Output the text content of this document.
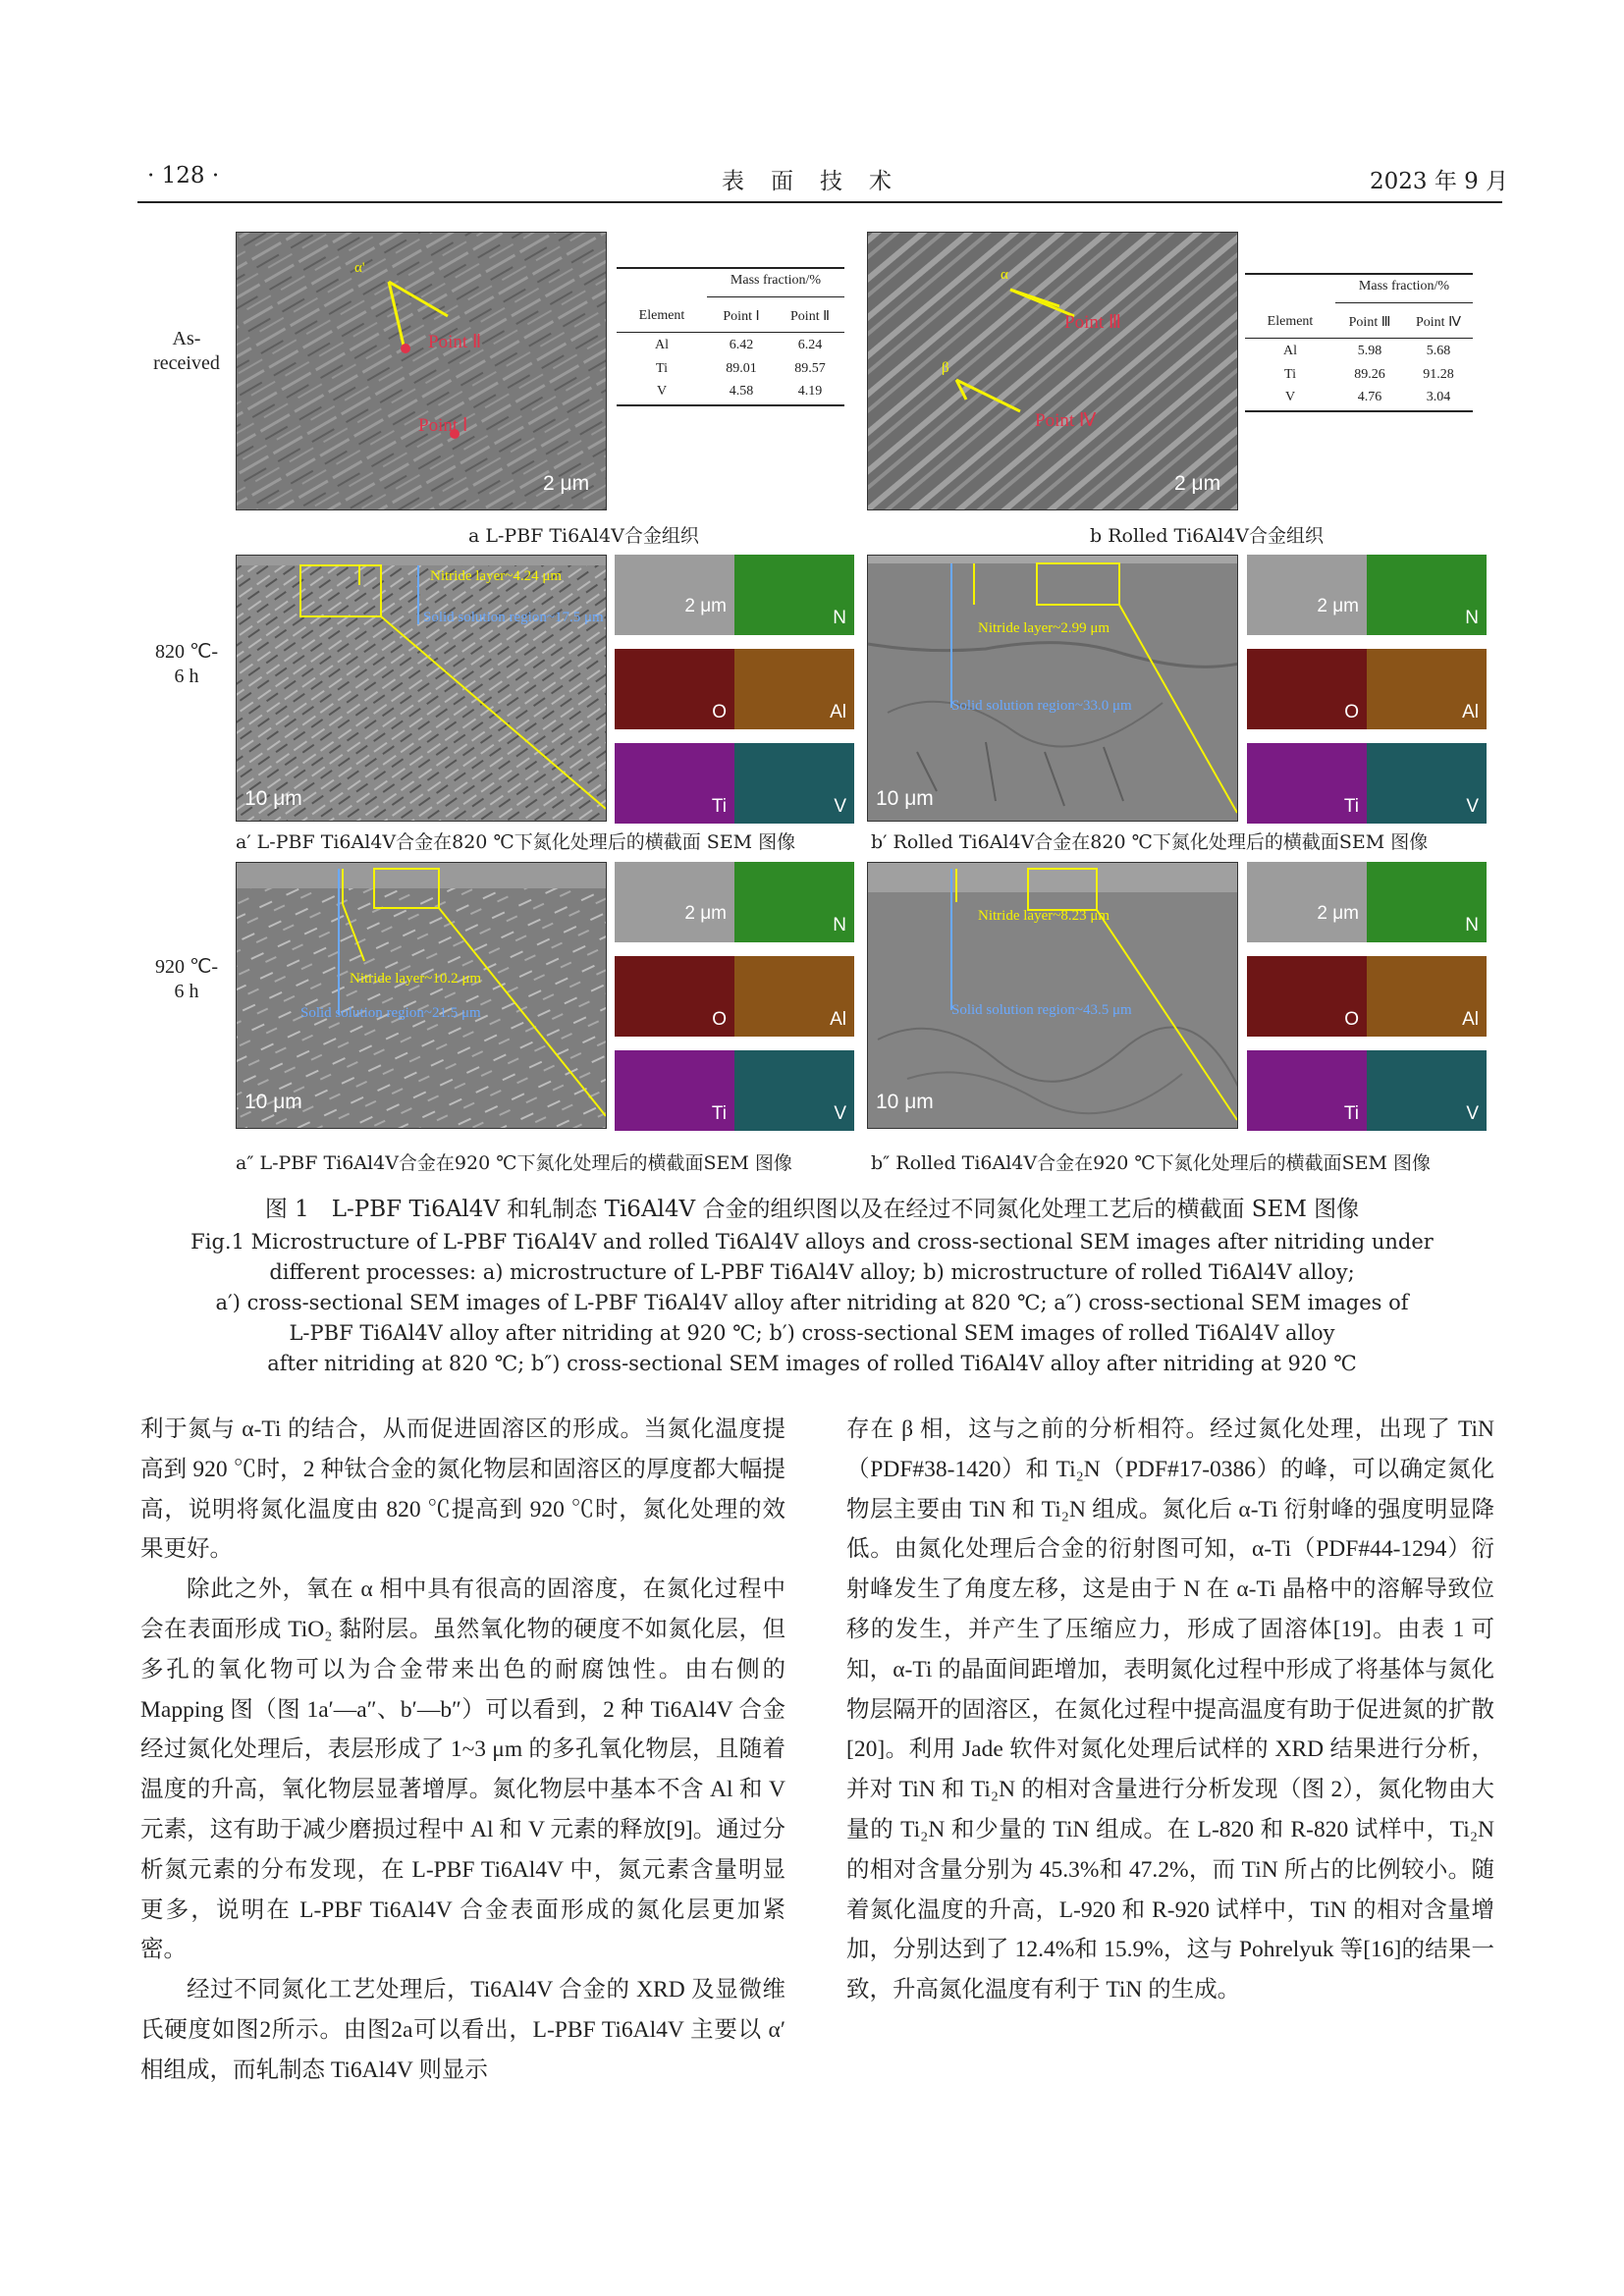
· 128 ·	表　面　技　术	2023 年 9 月
As-
received
820 ℃-
6 h
920 ℃-
6 h
α'
Point Ⅱ
Point Ⅰ
2 μm
Mass fraction/%
Element	Point Ⅰ	Point Ⅱ
Al	6.42	6.24
Ti	89.01	89.57
V	4.58	4.19
α
β
Point Ⅲ
Point Ⅳ
2 μm
Mass fraction/%
Element	Point Ⅲ	Point Ⅳ
Al	5.98	5.68
Ti	89.26	91.28
V	4.76	3.04
a L-PBF Ti6Al4V合金组织	b Rolled Ti6Al4V合金组织
Nitride layer~4.24 μm
Solid solution region~17.5 μm
10 μm
2 μm
N
O	Al
Ti	V
Nitride layer~2.99 μm
Solid solution region~33.0 μm
10 μm
2 μm
N
O	Al
Ti	V
a′ L-PBF Ti6Al4V合金在820 ℃下氮化处理后的横截面 SEM 图像	b′ Rolled Ti6Al4V合金在820 ℃下氮化处理后的横截面SEM 图像
Nitride layer~10.2 μm
Solid solution region~21.5 μm
10 μm
2 μm
N
O	Al
Ti	V
Nitride layer~8.23 μm
Solid solution region~43.5 μm
10 μm
2 μm
N
O	Al
Ti	V
a″ L-PBF Ti6Al4V合金在920 ℃下氮化处理后的横截面SEM 图像	b″ Rolled Ti6Al4V合金在920 ℃下氮化处理后的横截面SEM 图像
图 1　L-PBF Ti6Al4V 和轧制态 Ti6Al4V 合金的组织图以及在经过不同氮化处理工艺后的横截面 SEM 图像
Fig.1 Microstructure of L-PBF Ti6Al4V and rolled Ti6Al4V alloys and cross-sectional SEM images after nitriding under
different processes: a) microstructure of L-PBF Ti6Al4V alloy; b) microstructure of rolled Ti6Al4V alloy;
a′) cross-sectional SEM images of L-PBF Ti6Al4V alloy after nitriding at 820 ℃; a″) cross-sectional SEM images of
L-PBF Ti6Al4V alloy after nitriding at 920 ℃; b′) cross-sectional SEM images of rolled Ti6Al4V alloy
after nitriding at 820 ℃; b″) cross-sectional SEM images of rolled Ti6Al4V alloy after nitriding at 920 ℃

利于氮与 α-Ti 的结合，从而促进固溶区的形成。当氮化温度提高到 920 ℃时，2 种钛合金的氮化物层和固溶区的厚度都大幅提高，说明将氮化温度由 820 ℃提高到 920 ℃时，氮化处理的效果更好。

除此之外，氧在 α 相中具有很高的固溶度，在氮化过程中会在表面形成 TiO₂ 黏附层。虽然氧化物的硬度不如氮化层，但多孔的氧化物可以为合金带来出色的耐腐蚀性。由右侧的 Mapping 图（图 1a′—a″、b′—b″）可以看到，2 种 Ti6Al4V 合金经过氮化处理后，表层形成了 1~3 μm 的多孔氧化物层，且随着温度的升高，氧化物层显著增厚。氮化物层中基本不含 Al 和 V 元素，这有助于减少磨损过程中 Al 和 V 元素的释放[9]。通过分析氮元素的分布发现，在 L-PBF Ti6Al4V 中，氮元素含量明显更多，说明在 L-PBF Ti6Al4V 合金表面形成的氮化层更加紧密。

经过不同氮化工艺处理后，Ti6Al4V 合金的 XRD 及显微维氏硬度如图2所示。由图2a可以看出，L-PBF Ti6Al4V 主要以 α′相组成，而轧制态 Ti6Al4V 则显示

存在 β 相，这与之前的分析相符。经过氮化处理，出现了 TiN（PDF#38-1420）和 Ti₂N（PDF#17-0386）的峰，可以确定氮化物层主要由 TiN 和 Ti₂N 组成。氮化后 α-Ti 衍射峰的强度明显降低。由氮化处理后合金的衍射图可知，α-Ti（PDF#44-1294）衍射峰发生了角度左移，这是由于 N 在 α-Ti 晶格中的溶解导致位移的发生，并产生了压缩应力，形成了固溶体[19]。由表 1 可知，α-Ti 的晶面间距增加，表明氮化过程中形成了将基体与氮化物层隔开的固溶区，在氮化过程中提高温度有助于促进氮的扩散[20]。利用 Jade 软件对氮化处理后试样的 XRD 结果进行分析，并对 TiN 和 Ti₂N 的相对含量进行分析发现（图 2），氮化物由大量的 Ti₂N 和少量的 TiN 组成。在 L-820 和 R-820 试样中，Ti₂N 的相对含量分别为 45.3%和 47.2%，而 TiN 所占的比例较小。随着氮化温度的升高，L-920 和 R-920 试样中，TiN 的相对含量增加，分别达到了 12.4%和 15.9%，这与 Pohrelyuk 等[16]的结果一致，升高氮化温度有利于 TiN 的生成。
